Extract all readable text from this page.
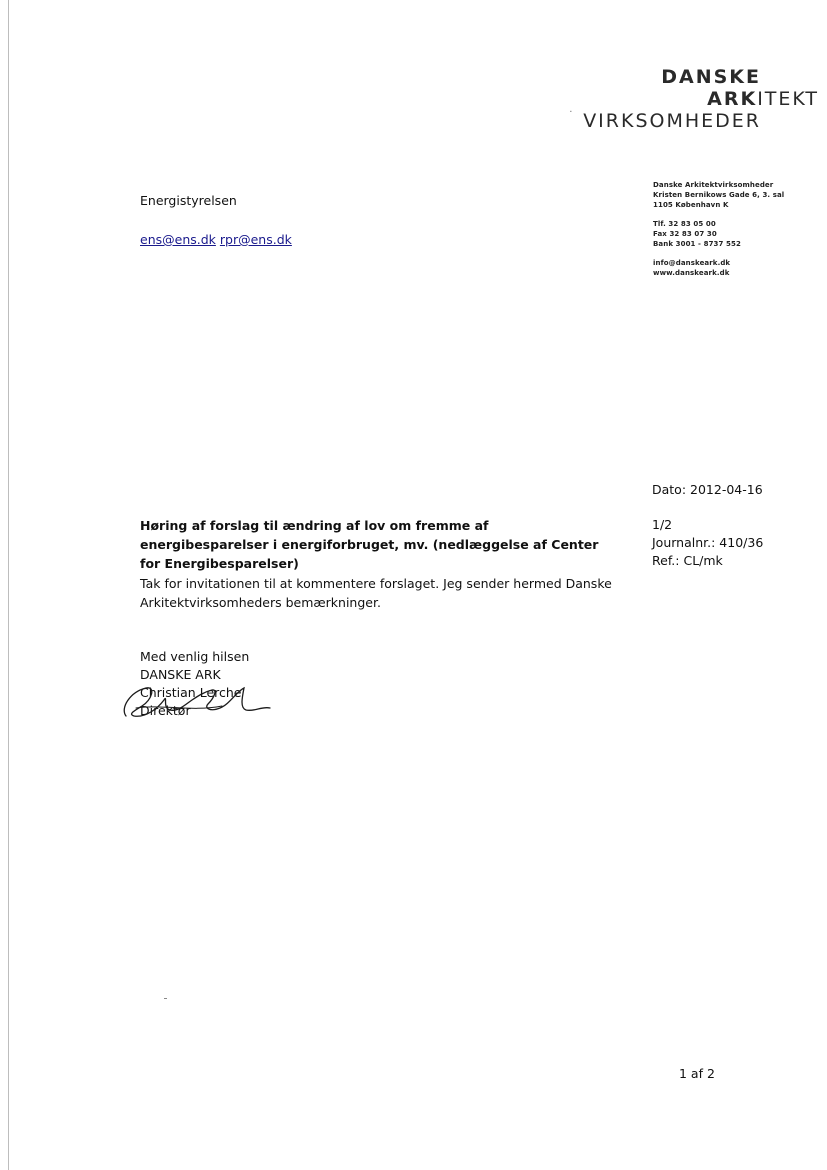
DANSKE
ARKITEKT
· VIRKSOMHEDER
Danske Arkitektvirksomheder
Kristen Bernikows Gade 6, 3. sal
1105 København K
Tlf. 32 83 05 00
Fax 32 83 07 30
Bank 3001 - 8737 552
info@danskeark.dk
www.danskeark.dk
Energistyrelsen
ens@ens.dk rpr@ens.dk
Dato: 2012-04-16
1/2
Journalnr.: 410/36
Ref.: CL/mk
Høring af forslag til ændring af lov om fremme af energibesparelser i energiforbruget, mv. (nedlæggelse af Center for Energibesparelser)
Tak for invitationen til at kommentere forslaget. Jeg sender hermed Danske Arkitektvirksomheders bemærkninger.
Med venlig hilsen
DANSKE ARK
Christian Lerche
Direktør
1 af 2
